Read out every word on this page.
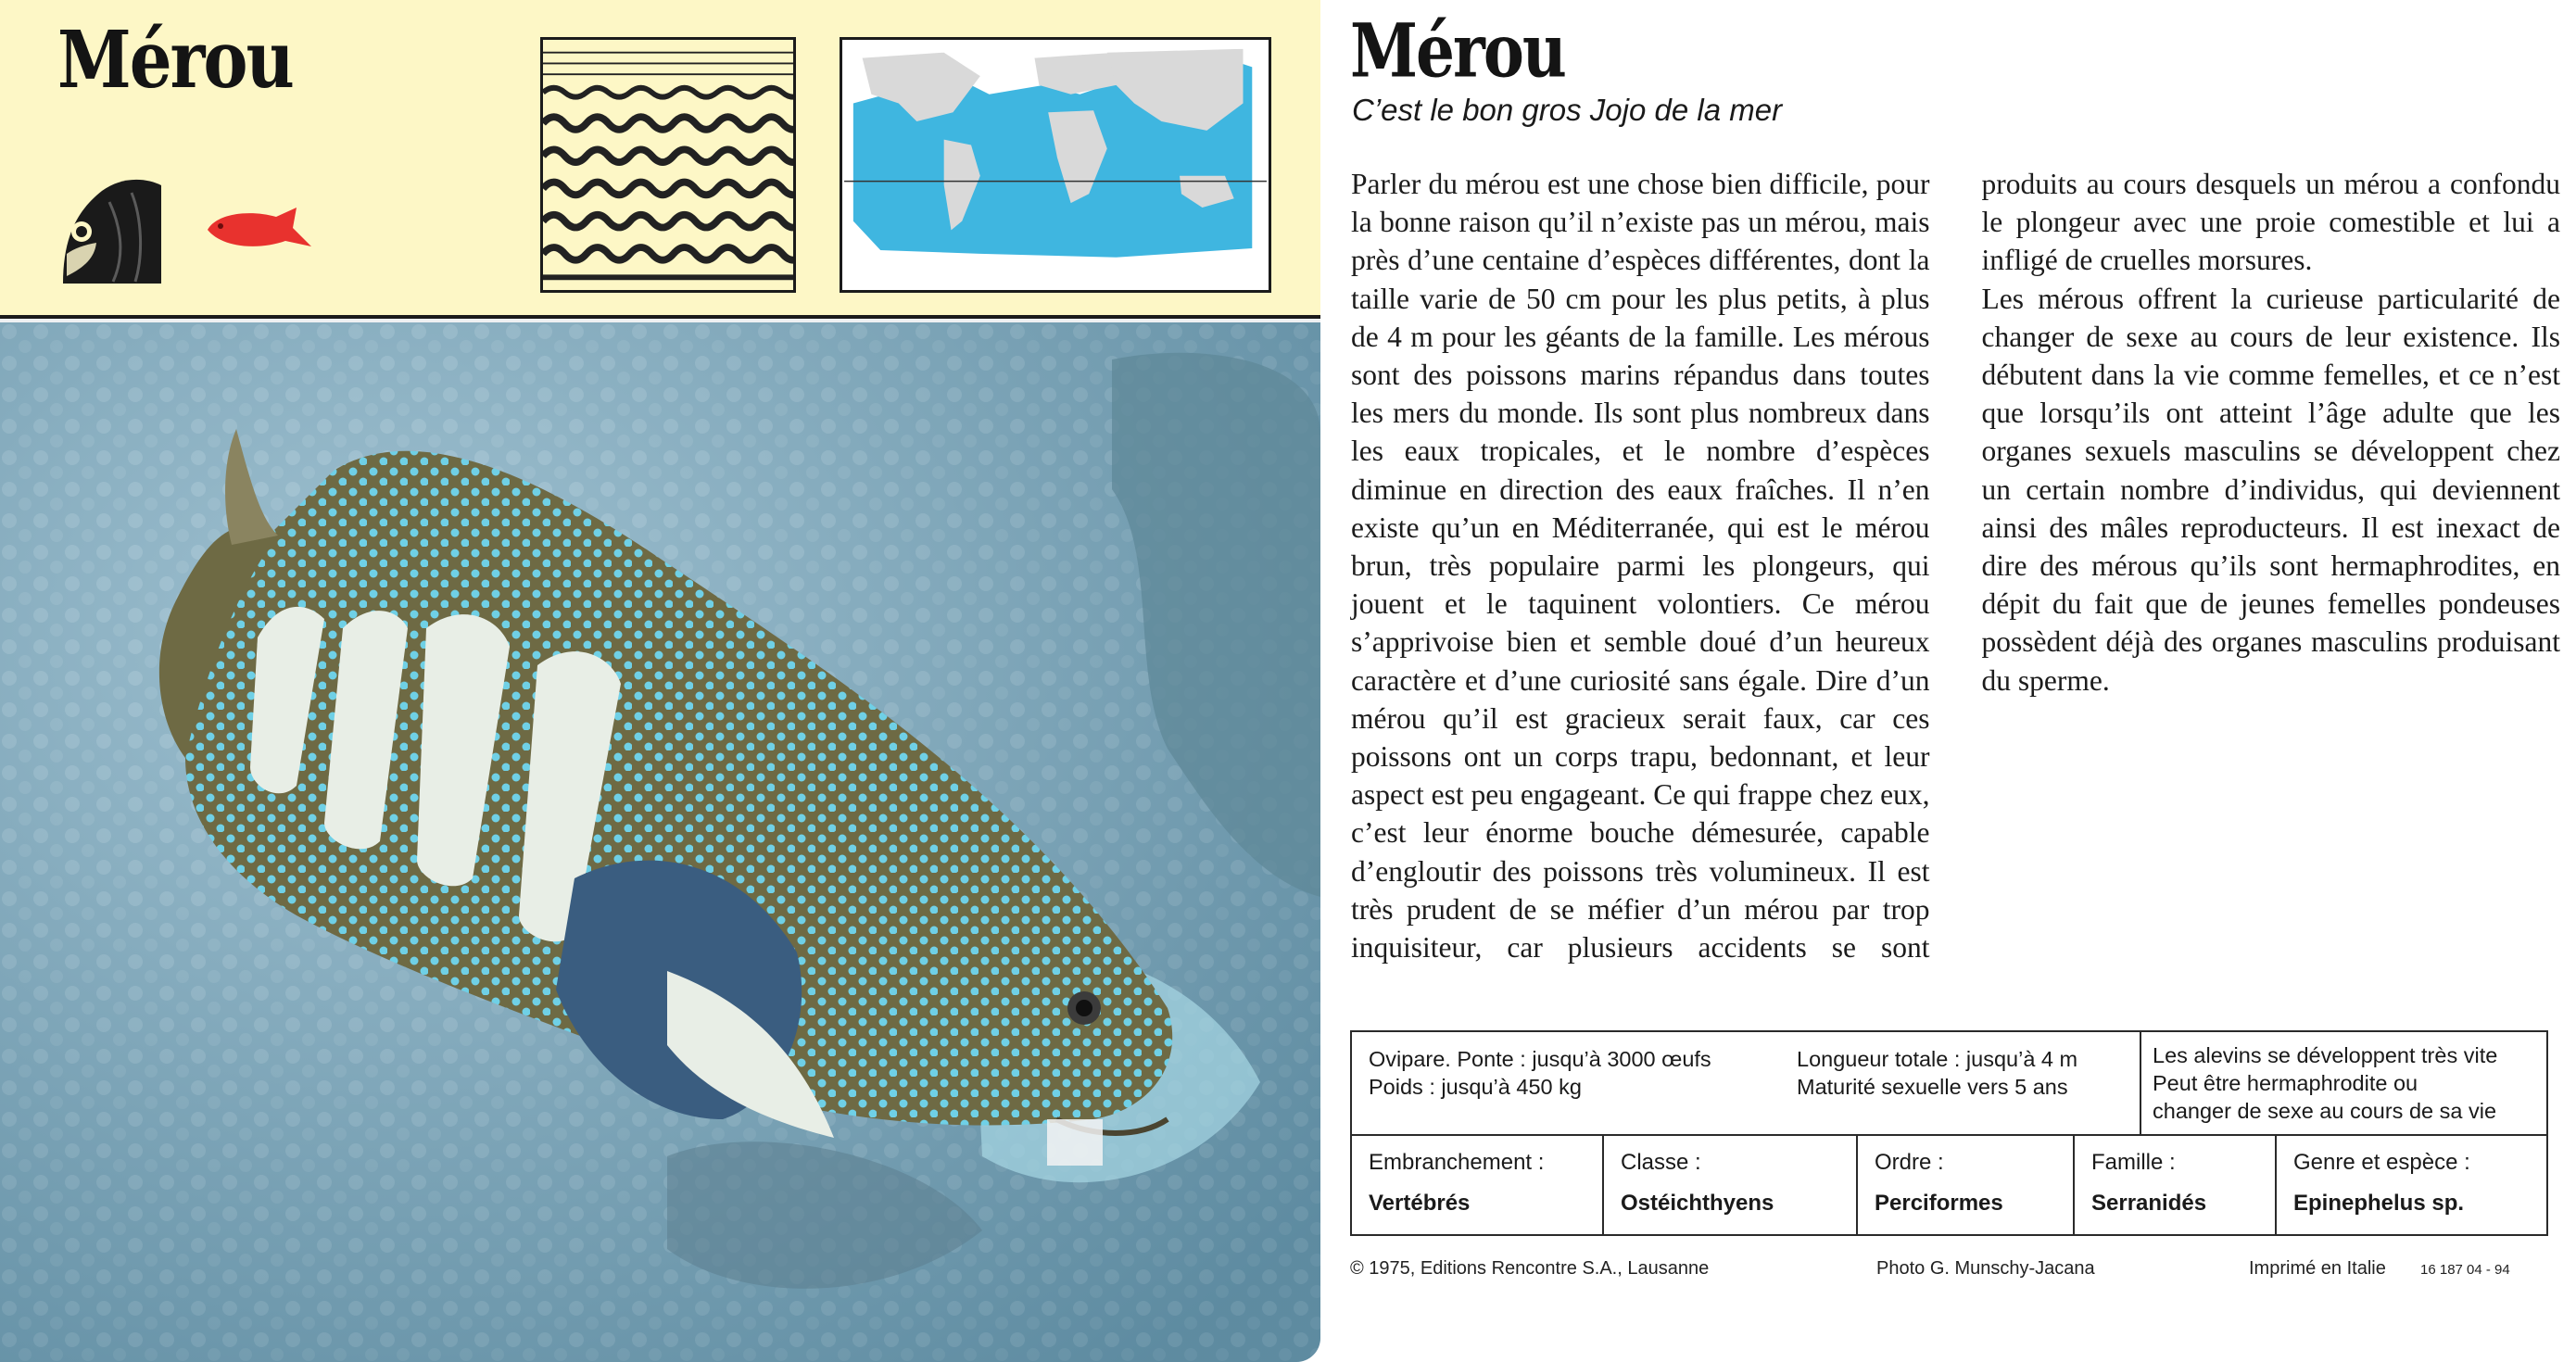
Mérou	Mérou
C’est le bon gros Jojo de la mer

Parler du mérou est une chose bien difficile, pour la bonne raison qu’il n’existe pas un mérou, mais près d’une centaine d’espèces différentes, dont la taille varie de 50 cm pour les plus petits, à plus de 4 m pour les géants de la famille. Les mérous sont des poissons marins répandus dans toutes les mers du monde. Ils sont plus nombreux dans les eaux tropicales, et le nombre d’espèces diminue en direction des eaux fraîches. Il n’en existe qu’un en Méditerranée, qui est le mérou brun, très populaire parmi les plongeurs, qui jouent et le taquinent volontiers. Ce mérou s’apprivoise bien et semble doué d’un heureux caractère et d’une curiosité sans égale. Dire d’un mérou qu’il est gracieux serait faux, car ces poissons ont un corps trapu, bedonnant, et leur aspect est peu engageant. Ce qui frappe chez eux, c’est leur énorme bouche démesurée, capable d’engloutir des poissons très volumineux. Il est très prudent de se méfier d’un mérou par trop inquisiteur, car plusieurs accidents se sont produits au cours desquels un mérou a confondu le plongeur avec une proie comestible et lui a infligé de cruelles morsures.

Les mérous offrent la curieuse particularité de changer de sexe au cours de leur existence. Ils débutent dans la vie comme femelles, et ce n’est que lorsqu’ils ont atteint l’âge adulte que les organes sexuels masculins se développent chez un certain nombre d’individus, qui deviennent ainsi des mâles reproducteurs. Il est inexact de dire des mérous qu’ils sont hermaphrodites, en dépit du fait que de jeunes femelles pondeuses possèdent déjà des organes masculins produisant du sperme.

Ovipare. Ponte : jusqu’à 3000 œufs
Poids : jusqu’à 450 kg
Longueur totale : jusqu’à 4 m
Maturité sexuelle vers 5 ans
Les alevins se développent très vite
Peut être hermaphrodite ou
changer de sexe au cours de sa vie
Embranchement :
Vertébrés
Classe :
Ostéichthyens
Ordre :
Perciformes
Famille :
Serranidés
Genre et espèce :
Epinephelus sp.
© 1975, Editions Rencontre S.A., Lausanne	Photo G. Munschy-Jacana	Imprimé en Italie 16 187 04 - 94
